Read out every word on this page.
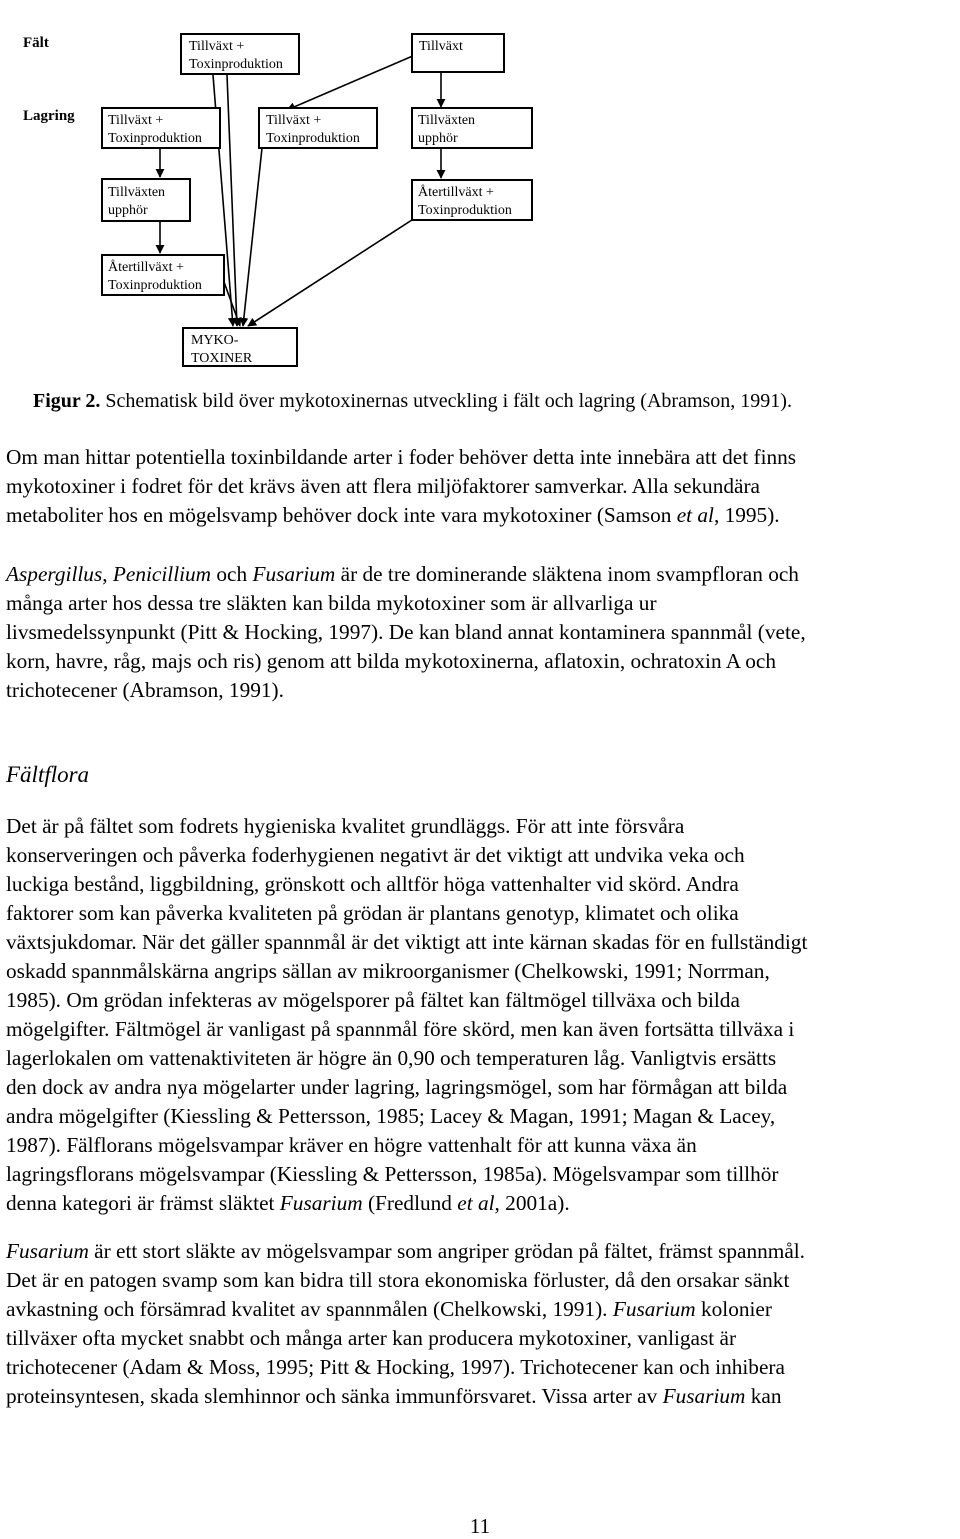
Fält
Lagring
Tillväxt +
Toxinproduktion
Tillväxt
Tillväxt +
Toxinproduktion
Tillväxt +
Toxinproduktion
Tillväxten
upphör
Tillväxten
upphör
Återtillväxt +
Toxinproduktion
Återtillväxt +
Toxinproduktion
MYKO-
TOXINER
Figur 2. Schematisk bild över mykotoxinernas utveckling i fält och lagring (Abramson, 1991).
Om man hittar potentiella toxinbildande arter i foder behöver detta inte innebära att det finns
mykotoxiner i fodret för det krävs även att flera miljöfaktorer samverkar. Alla sekundära
metaboliter hos en mögelsvamp behöver dock inte vara mykotoxiner (Samson et al, 1995).
Aspergillus, Penicillium och Fusarium är de tre dominerande släktena inom svampfloran och
många arter hos dessa tre släkten kan bilda mykotoxiner som är allvarliga ur
livsmedelssynpunkt (Pitt & Hocking, 1997). De kan bland annat kontaminera spannmål (vete,
korn, havre, råg, majs och ris) genom att bilda mykotoxinerna, aflatoxin, ochratoxin A och
trichotecener (Abramson, 1991).
Fältflora
Det är på fältet som fodrets hygieniska kvalitet grundläggs. För att inte försvåra
konserveringen och påverka foderhygienen negativt är det viktigt att undvika veka och
luckiga bestånd, liggbildning, grönskott och alltför höga vattenhalter vid skörd. Andra
faktorer som kan påverka kvaliteten på grödan är plantans genotyp, klimatet och olika
växtsjukdomar. När det gäller spannmål är det viktigt att inte kärnan skadas för en fullständigt
oskadd spannmålskärna angrips sällan av mikroorganismer (Chelkowski, 1991; Norrman,
1985). Om grödan infekteras av mögelsporer på fältet kan fältmögel tillväxa och bilda
mögelgifter. Fältmögel är vanligast på spannmål före skörd, men kan även fortsätta tillväxa i
lagerlokalen om vattenaktiviteten är högre än 0,90 och temperaturen låg. Vanligtvis ersätts
den dock av andra nya mögelarter under lagring, lagringsmögel, som har förmågan att bilda
andra mögelgifter (Kiessling & Pettersson, 1985; Lacey & Magan, 1991; Magan & Lacey,
1987). Fälflorans mögelsvampar kräver en högre vattenhalt för att kunna växa än
lagringsflorans mögelsvampar (Kiessling & Pettersson, 1985a). Mögelsvampar som tillhör
denna kategori är främst släktet Fusarium (Fredlund et al, 2001a).
Fusarium är ett stort släkte av mögelsvampar som angriper grödan på fältet, främst spannmål.
Det är en patogen svamp som kan bidra till stora ekonomiska förluster, då den orsakar sänkt
avkastning och försämrad kvalitet av spannmålen (Chelkowski, 1991). Fusarium kolonier
tillväxer ofta mycket snabbt och många arter kan producera mykotoxiner, vanligast är
trichotecener (Adam & Moss, 1995; Pitt & Hocking, 1997). Trichotecener kan och inhibera
proteinsyntesen, skada slemhinnor och sänka immunförsvaret. Vissa arter av Fusarium kan
11
